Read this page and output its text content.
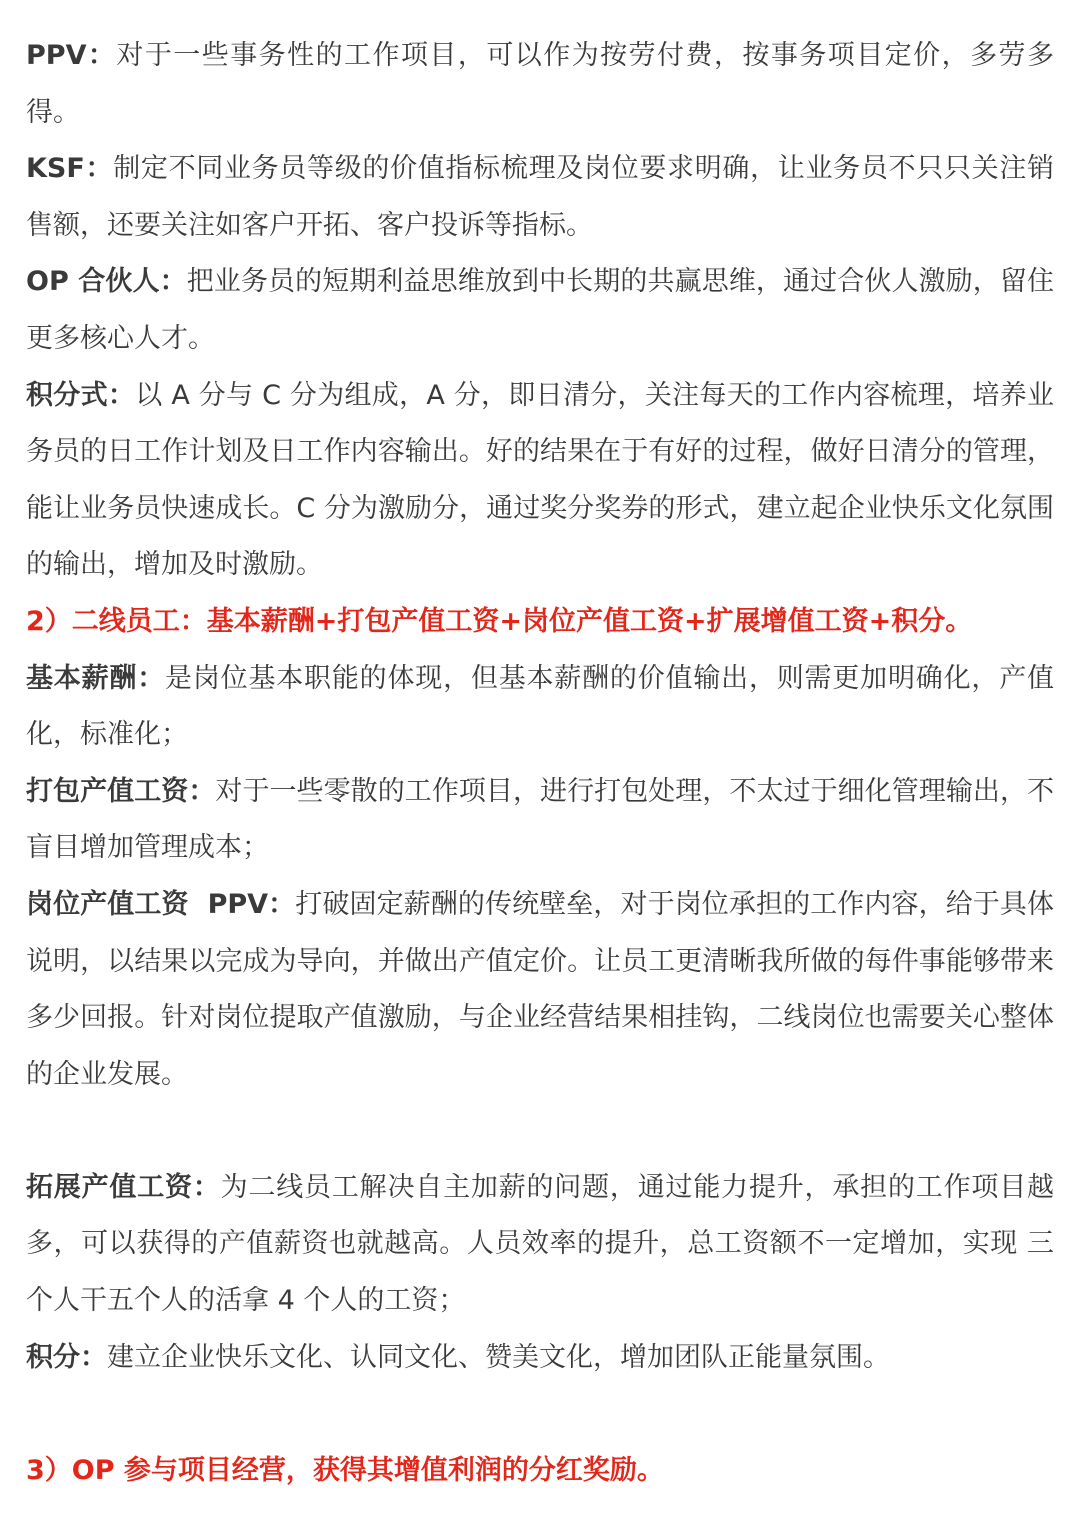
PPV：对于一些事务性的工作项目，可以作为按劳付费，按事务项目定价，多劳多得。

KSF：制定不同业务员等级的价值指标梳理及岗位要求明确，让业务员不只只关注销售额，还要关注如客户开拓、客户投诉等指标。

OP 合伙人：把业务员的短期利益思维放到中长期的共赢思维，通过合伙人激励，留住更多核心人才。

积分式：以 A 分与 C 分为组成，A 分，即日清分，关注每天的工作内容梳理，培养业务员的日工作计划及日工作内容输出。好的结果在于有好的过程，做好日清分的管理，能让业务员快速成长。C 分为激励分，通过奖分奖券的形式，建立起企业快乐文化氛围的输出，增加及时激励。

2）二线员工：基本薪酬+打包产值工资+岗位产值工资+扩展增值工资+积分。

基本薪酬：是岗位基本职能的体现，但基本薪酬的价值输出，则需更加明确化，产值化，标准化；

打包产值工资：对于一些零散的工作项目，进行打包处理，不太过于细化管理输出，不盲目增加管理成本；

岗位产值工资  PPV：打破固定薪酬的传统壁垒，对于岗位承担的工作内容，给于具体说明，以结果以完成为导向，并做出产值定价。让员工更清晰我所做的每件事能够带来多少回报。针对岗位提取产值激励，与企业经营结果相挂钩，二线岗位也需要关心整体的企业发展。

拓展产值工资：为二线员工解决自主加薪的问题，通过能力提升，承担的工作项目越多，可以获得的产值薪资也就越高。人员效率的提升，总工资额不一定增加，实现 三个人干五个人的活拿 4 个人的工资；

积分：建立企业快乐文化、认同文化、赞美文化，增加团队正能量氛围。

3）OP 参与项目经营，获得其增值利润的分红奖励。
